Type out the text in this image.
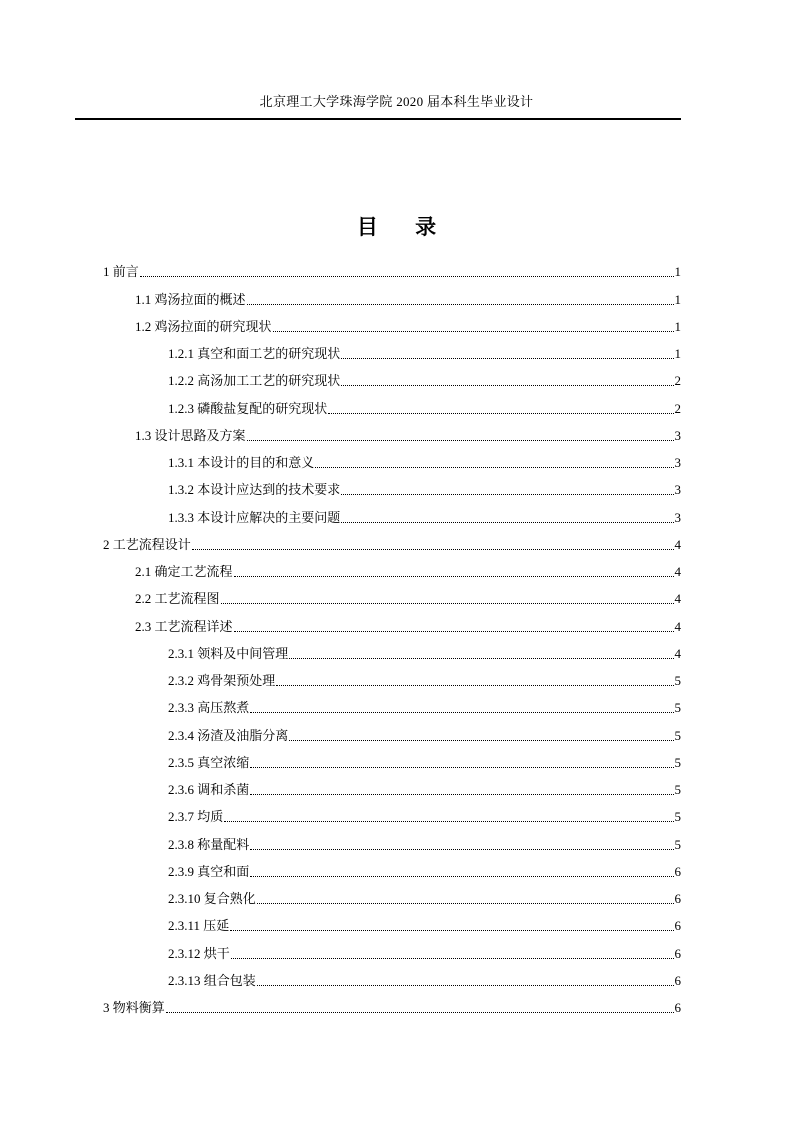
北京理工大学珠海学院 2020 届本科生毕业设计
目 录
1 前言	1
1.1 鸡汤拉面的概述	1
1.2 鸡汤拉面的研究现状	1
1.2.1 真空和面工艺的研究现状	1
1.2.2 高汤加工工艺的研究现状	2
1.2.3 磷酸盐复配的研究现状	2
1.3 设计思路及方案	3
1.3.1 本设计的目的和意义	3
1.3.2 本设计应达到的技术要求	3
1.3.3 本设计应解决的主要问题	3
2 工艺流程设计	4
2.1 确定工艺流程	4
2.2 工艺流程图	4
2.3 工艺流程详述	4
2.3.1 领料及中间管理	4
2.3.2 鸡骨架预处理	5
2.3.3 高压熬煮	5
2.3.4 汤渣及油脂分离	5
2.3.5 真空浓缩	5
2.3.6 调和杀菌	5
2.3.7 均质	5
2.3.8 称量配料	5
2.3.9 真空和面	6
2.3.10 复合熟化	6
2.3.11 压延	6
2.3.12 烘干	6
2.3.13 组合包装	6
3 物料衡算	6
